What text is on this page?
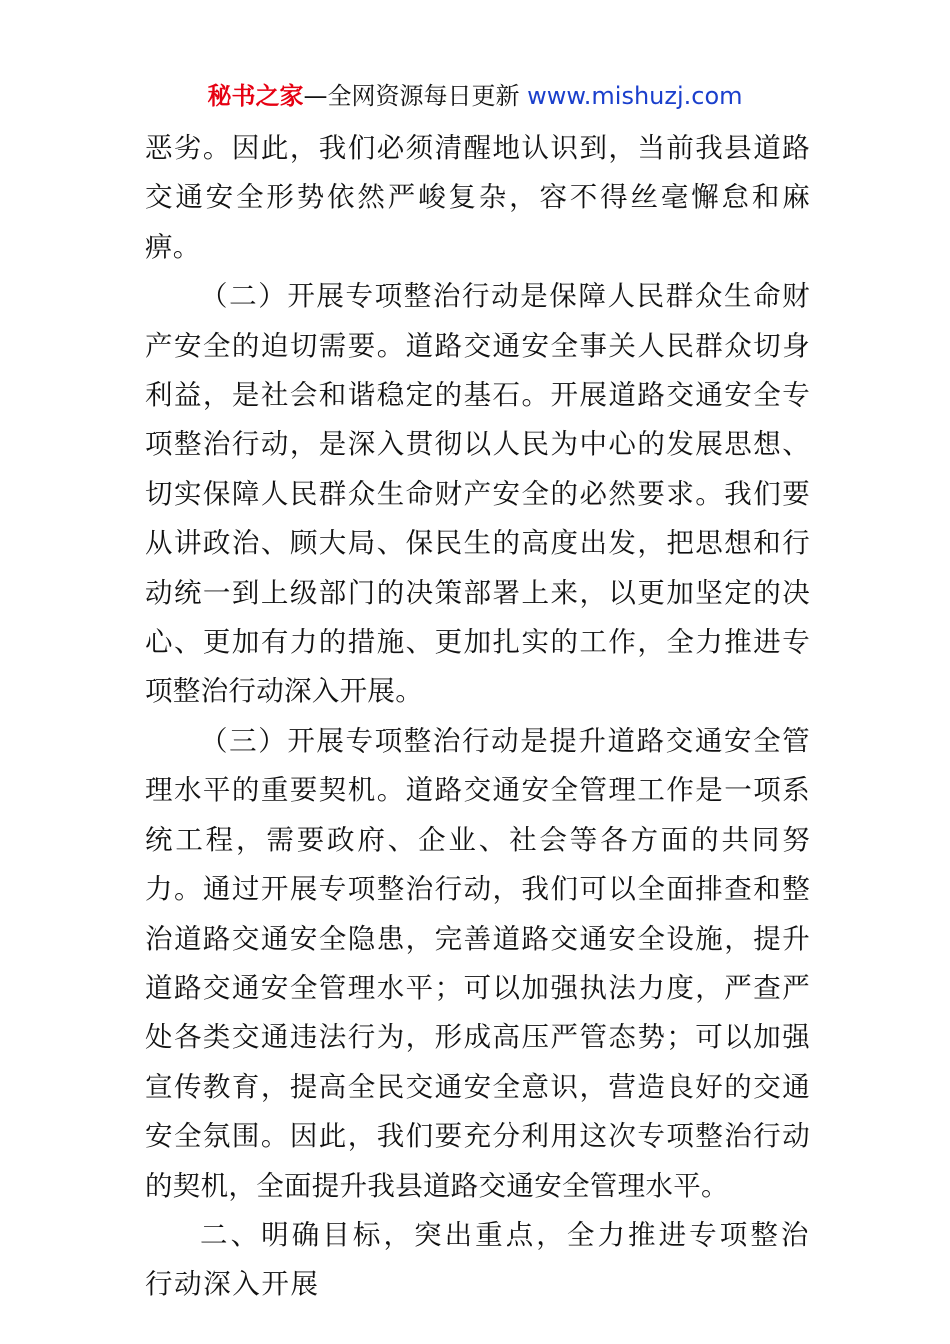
秘书之家—全网资源每日更新 www.mishuzj.com

恶劣。因此，我们必须清醒地认识到，当前我县道路交通安全形势依然严峻复杂，容不得丝毫懈怠和麻痹。

（二）开展专项整治行动是保障人民群众生命财产安全的迫切需要。道路交通安全事关人民群众切身利益，是社会和谐稳定的基石。开展道路交通安全专项整治行动，是深入贯彻以人民为中心的发展思想、切实保障人民群众生命财产安全的必然要求。我们要从讲政治、顾大局、保民生的高度出发，把思想和行动统一到上级部门的决策部署上来，以更加坚定的决心、更加有力的措施、更加扎实的工作，全力推进专项整治行动深入开展。

（三）开展专项整治行动是提升道路交通安全管理水平的重要契机。道路交通安全管理工作是一项系统工程，需要政府、企业、社会等各方面的共同努力。通过开展专项整治行动，我们可以全面排查和整治道路交通安全隐患，完善道路交通安全设施，提升道路交通安全管理水平；可以加强执法力度，严查严处各类交通违法行为，形成高压严管态势；可以加强宣传教育，提高全民交通安全意识，营造良好的交通安全氛围。因此，我们要充分利用这次专项整治行动的契机，全面提升我县道路交通安全管理水平。

二、明确目标，突出重点，全力推进专项整治行动深入开展
